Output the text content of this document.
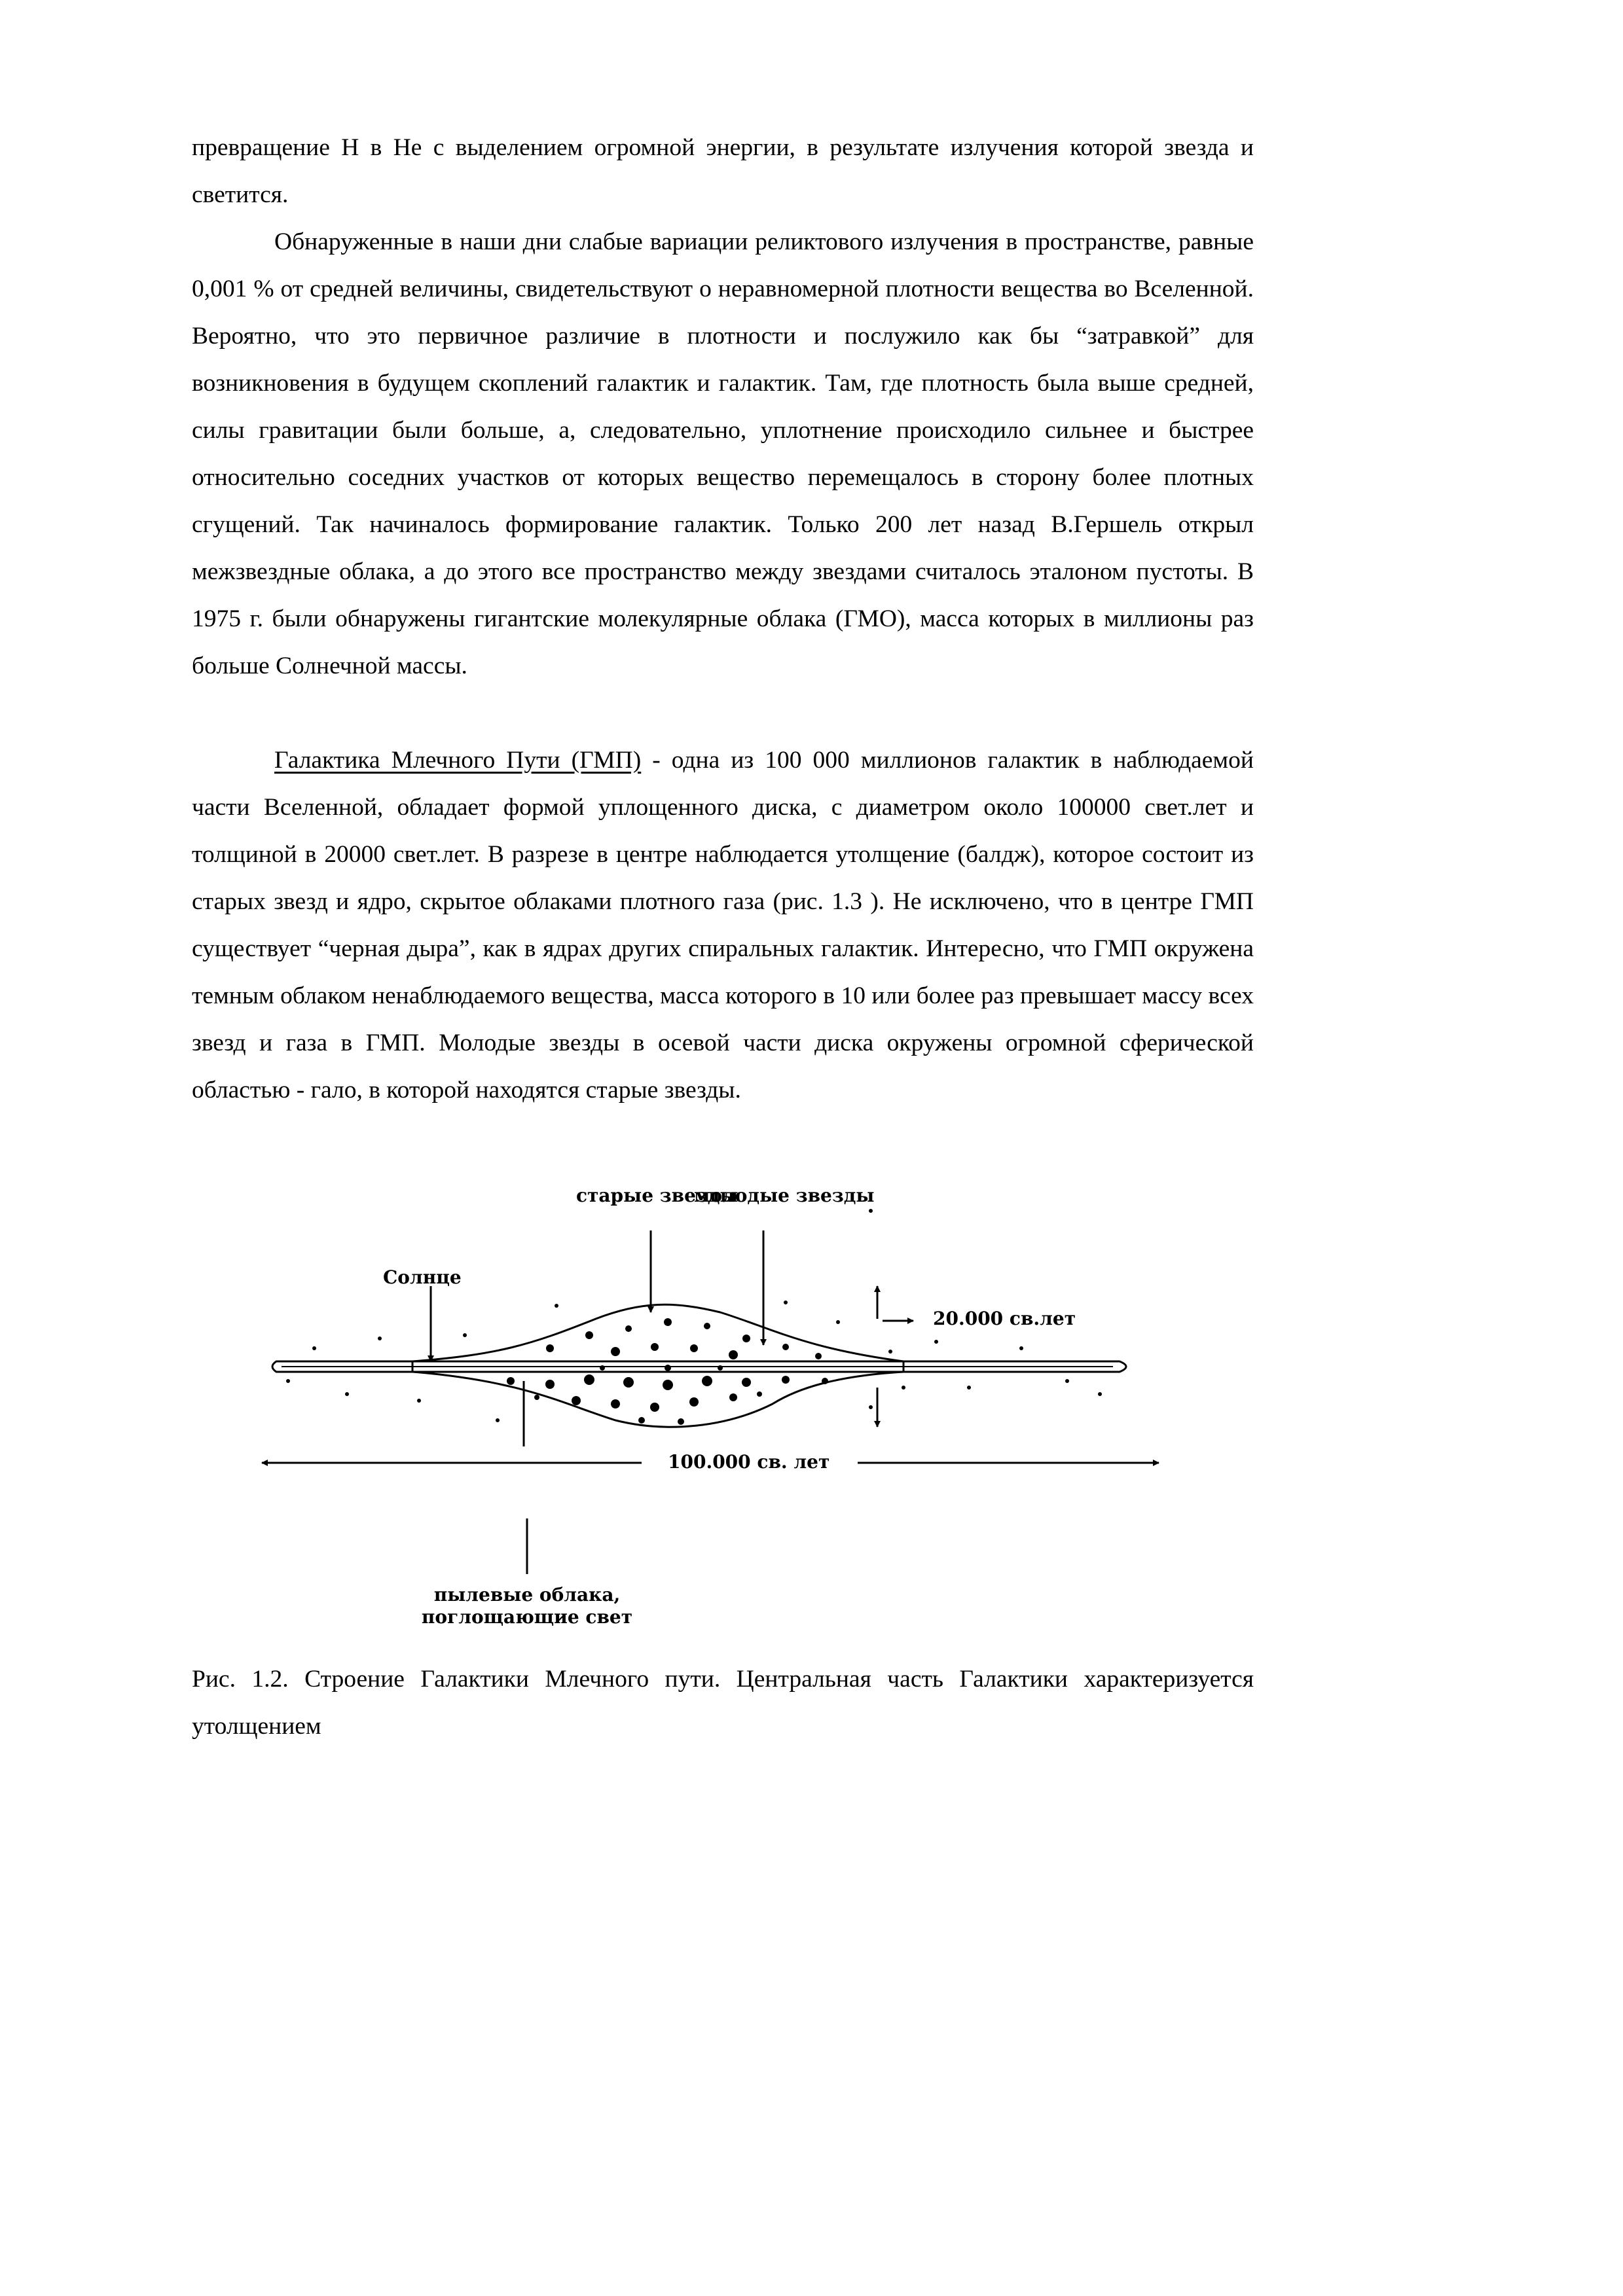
превращение H в He с выделением огромной энергии, в результате излучения которой звезда и светится.

Обнаруженные в наши дни слабые вариации реликтового излучения в пространстве, равные 0,001 % от средней величины, свидетельствуют о неравномерной плотности вещества во Вселенной. Вероятно, что это первичное различие в плотности и послужило как бы “затравкой” для возникновения в будущем скоплений галактик и галактик. Там, где плотность была выше средней, силы гравитации были больше, а, следовательно, уплотнение происходило сильнее и быстрее относительно соседних участков от которых вещество перемещалось в сторону более плотных сгущений. Так начиналось формирование галактик. Только 200 лет назад В.Гершель открыл межзвездные облака, а до этого все пространство между звездами считалось эталоном пустоты. В 1975 г. были обнаружены гигантские молекулярные облака (ГМО), масса которых в миллионы раз больше Солнечной массы.

Галактика Млечного Пути (ГМП) - одна из 100 000 миллионов галактик в наблюдаемой части Вселенной, обладает формой уплощенного диска, с диаметром около 100000 свет.лет и толщиной в 20000 свет.лет. В разрезе в центре наблюдается утолщение (балдж), которое состоит из старых звезд и ядро, скрытое облаками плотного газа (рис. 1.3 ). Не исключено, что в центре ГМП существует “черная дыра”, как в ядрах других спиральных галактик. Интересно, что ГМП окружена темным облаком ненаблюдаемого вещества, масса которого в 10 или более раз превышает массу всех звезд и газа в ГМП. Молодые звезды в осевой части диска окружены огромной сферической областью - гало, в которой находятся старые звезды.

старые звезды
молодые звезды
Солнце
20.000 св.лет
100.000 св. лет
пылевые облака, поглощающие свет

Рис. 1.2. Строение Галактики Млечного пути. Центральная часть Галактики характеризуется утолщением
